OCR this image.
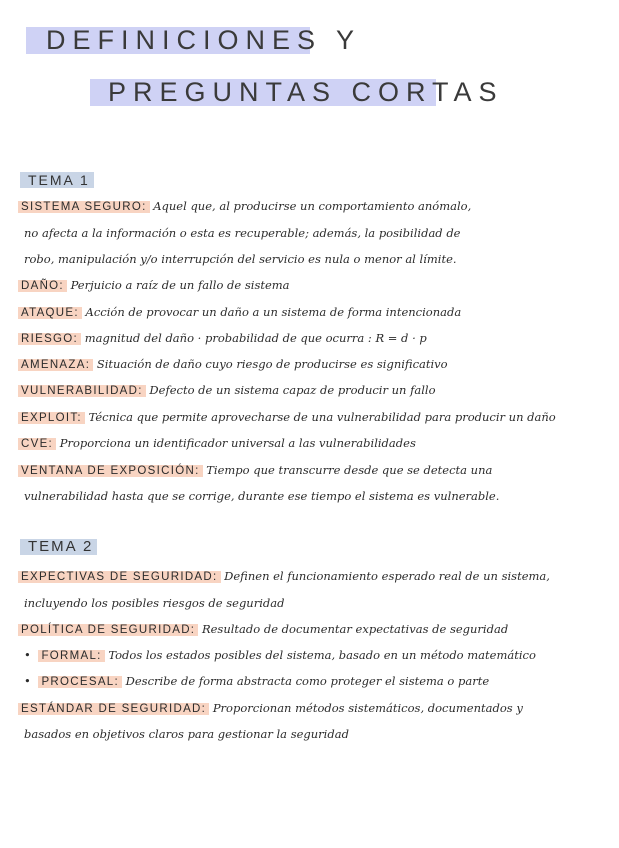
DEFINICIONES Y
PREGUNTAS CORTAS
TEMA 1
SISTEMA SEGURO: Aquel que, al producirse un comportamiento anómalo,
no afecta a la información o esta es recuperable; además, la posibilidad de
robo, manipulación y/o interrupción del servicio es nula o menor al límite.
DAÑO: Perjuicio a raíz de un fallo de sistema
ATAQUE: Acción de provocar un daño a un sistema de forma intencionada
RIESGO: magnitud del daño · probabilidad de que ocurra : R = d · p
AMENAZA: Situación de daño cuyo riesgo de producirse es significativo
VULNERABILIDAD: Defecto de un sistema capaz de producir un fallo
EXPLOIT: Técnica que permite aprovecharse de una vulnerabilidad para producir un daño
CVE: Proporciona un identificador universal a las vulnerabilidades
VENTANA DE EXPOSICIÓN: Tiempo que transcurre desde que se detecta una
vulnerabilidad hasta que se corrige, durante ese tiempo el sistema es vulnerable.
TEMA 2
EXPECTIVAS DE SEGURIDAD: Definen el funcionamiento esperado real de un sistema,
incluyendo los posibles riesgos de seguridad
POLÍTICA DE SEGURIDAD: Resultado de documentar expectativas de seguridad
• FORMAL: Todos los estados posibles del sistema, basado en un método matemático
• PROCESAL: Describe de forma abstracta como proteger el sistema o parte
ESTÁNDAR DE SEGURIDAD: Proporcionan métodos sistemáticos, documentados y
basados en objetivos claros para gestionar la seguridad
